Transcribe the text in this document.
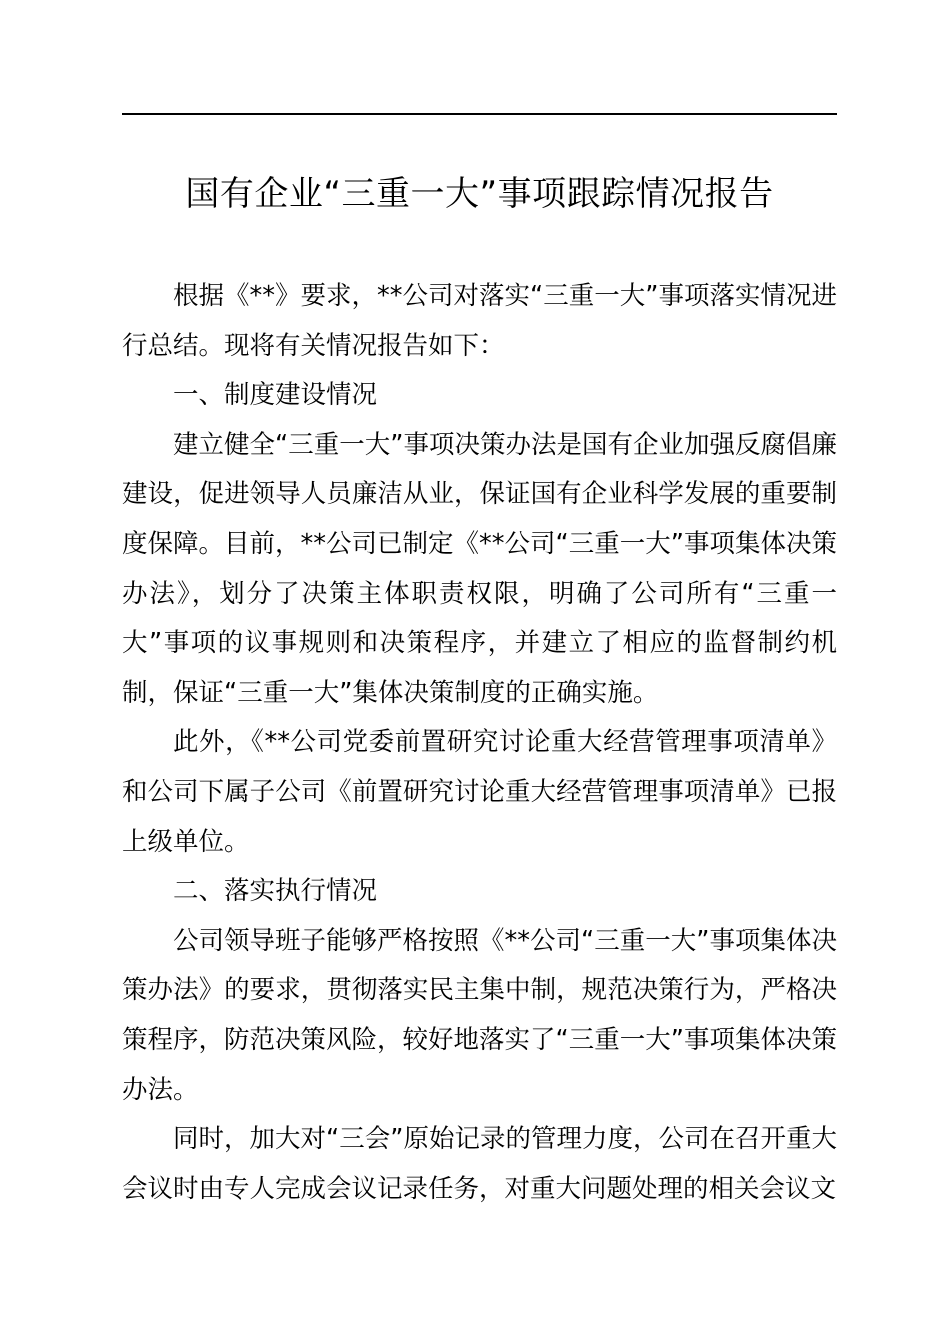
国有企业“三重一大”事项跟踪情况报告

根据《**》要求，**公司对落实“三重一大”事项落实情况进行总结。现将有关情况报告如下：

一、制度建设情况

建立健全“三重一大”事项决策办法是国有企业加强反腐倡廉建设，促进领导人员廉洁从业，保证国有企业科学发展的重要制度保障。目前，**公司已制定《**公司“三重一大”事项集体决策办法》，划分了决策主体职责权限，明确了公司所有“三重一大”事项的议事规则和决策程序，并建立了相应的监督制约机制，保证“三重一大”集体决策制度的正确实施。

此外，《**公司党委前置研究讨论重大经营管理事项清单》和公司下属子公司《前置研究讨论重大经营管理事项清单》已报上级单位。

二、落实执行情况

公司领导班子能够严格按照《**公司“三重一大”事项集体决策办法》的要求，贯彻落实民主集中制，规范决策行为，严格决策程序，防范决策风险，较好地落实了“三重一大”事项集体决策办法。

同时，加大对“三会”原始记录的管理力度，公司在召开重大会议时由专人完成会议记录任务，对重大问题处理的相关会议文
